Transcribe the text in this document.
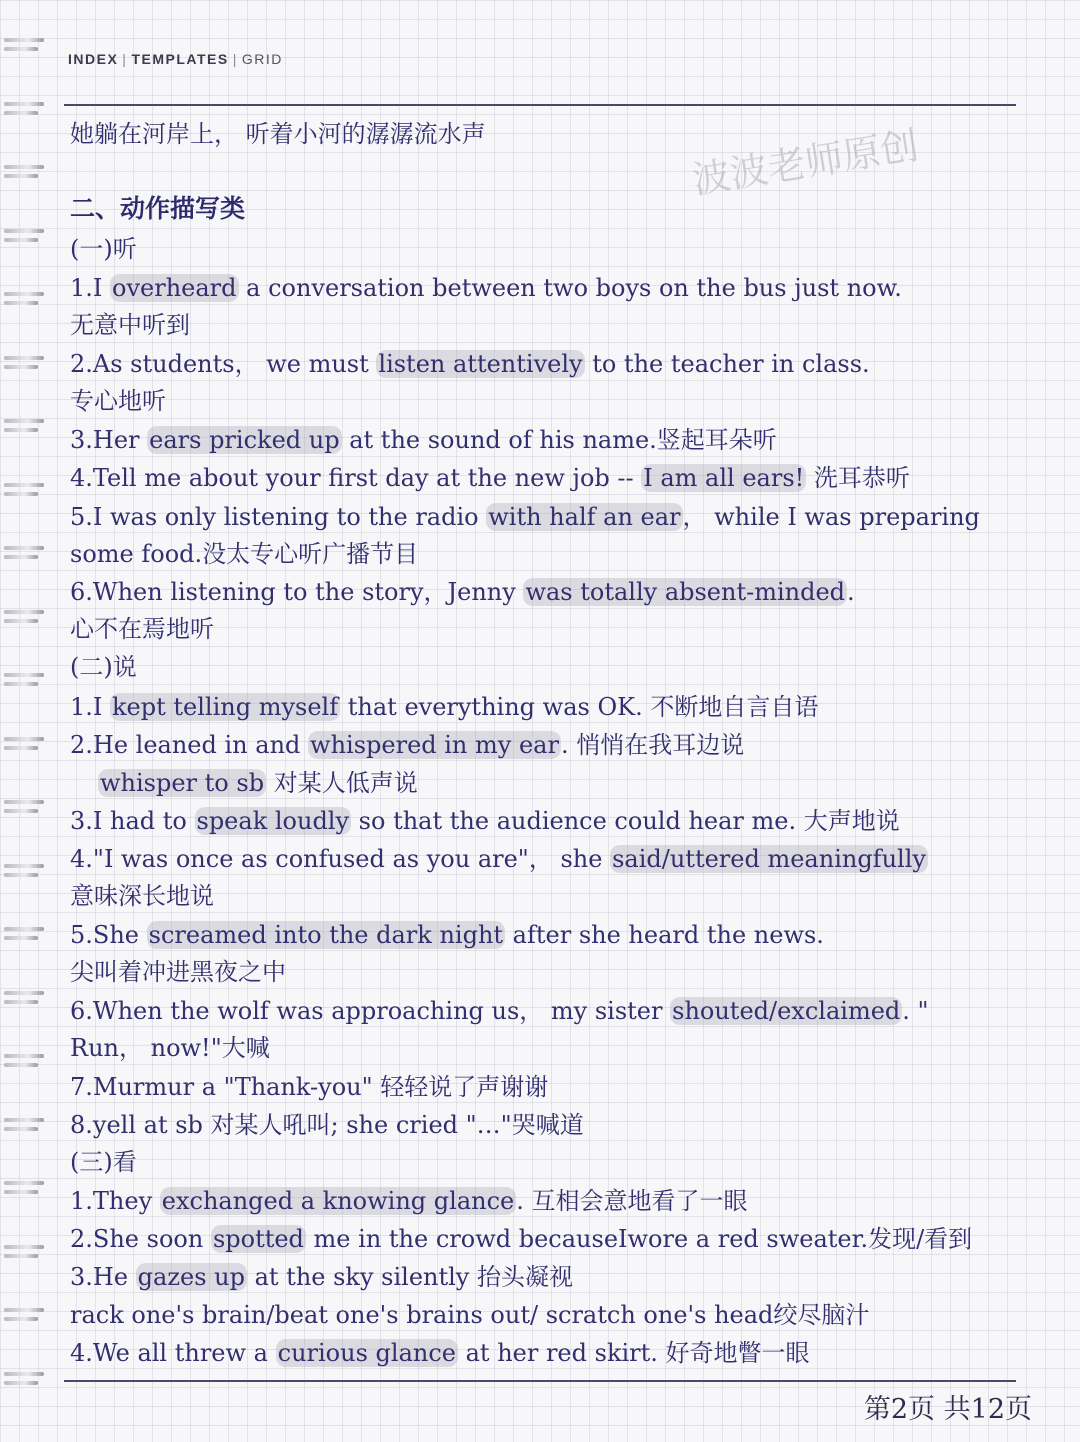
INDEX | TEMPLATES | GRID
波波老师原创
她躺在河岸上， 听着小河的潺潺流水声
二、动作描写类
(一)听
1.I overheard a conversation between two boys on the bus just now.
无意中听到
2.As students， we must listen attentively to the teacher in class.
专心地听
3.Her ears pricked up at the sound of his name.竖起耳朵听
4.Tell me about your first day at the new job -- I am all ears! 洗耳恭听
5.I was only listening to the radio with half an ear， while I was preparing
some food.没太专心听广播节目
6.When listening to the story，Jenny was totally absent-minded.
心不在焉地听
(二)说
1.I kept telling myself that everything was OK. 不断地自言自语
2.He leaned in and whispered in my ear. 悄悄在我耳边说
whisper to sb 对某人低声说
3.I had to speak loudly so that the audience could hear me. 大声地说
4."I was once as confused as you are"， she said/uttered meaningfully
意味深长地说
5.She screamed into the dark night after she heard the news.
尖叫着冲进黑夜之中
6.When the wolf was approaching us， my sister shouted/exclaimed. "
Run， now!"大喊
7.Murmur a "Thank-you" 轻轻说了声谢谢
8.yell at sb 对某人吼叫; she cried "…"哭喊道
(三)看
1.They exchanged a knowing glance. 互相会意地看了一眼
2.She soon spotted me in the crowd becauseIwore a red sweater.发现/看到
3.He gazes up at the sky silently 抬头凝视
rack one's brain/beat one's brains out/ scratch one's head绞尽脑汁
4.We all threw a curious glance at her red skirt. 好奇地瞥一眼
第2页 共12页
